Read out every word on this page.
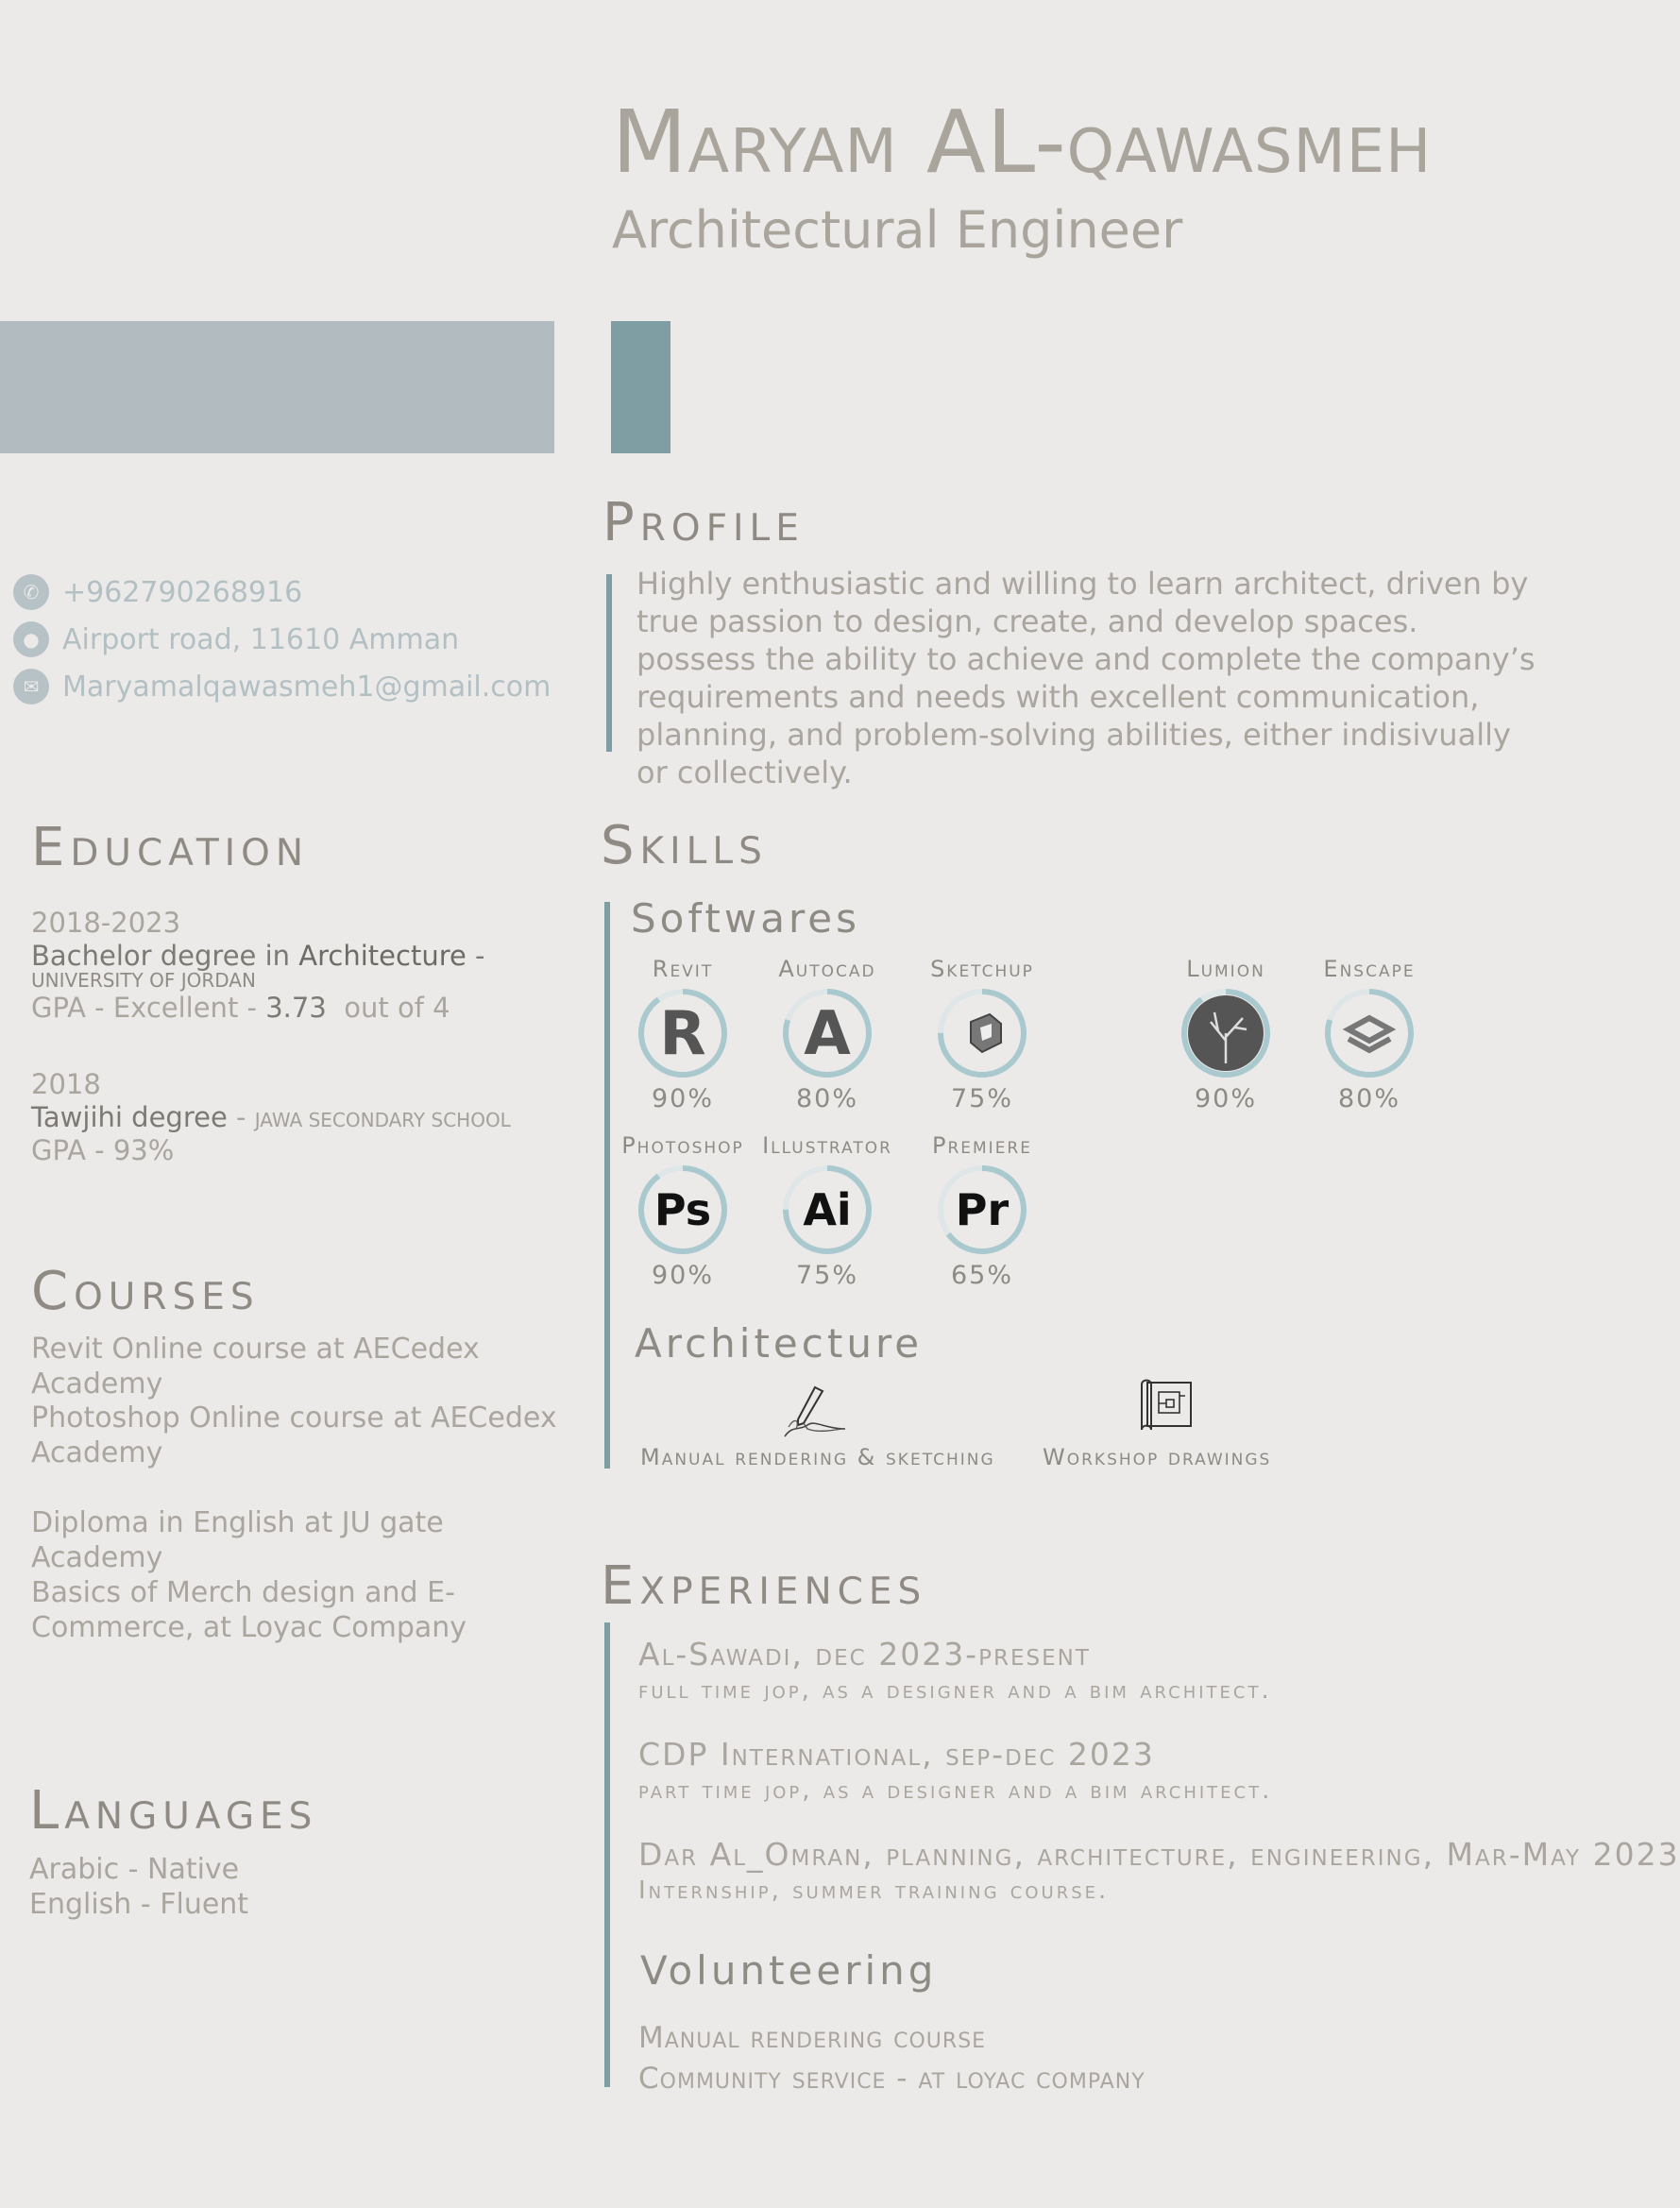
Maryam AL-qawasmeh
Architectural Engineer
✆ +962790268916
● Airport road, 11610 Amman
✉ Maryamalqawasmeh1@gmail.com
Profile

Highly enthusiastic and willing to learn architect, driven by true passion to design, create, and develop spaces.

possess the ability to achieve and complete the company’s requirements and needs with excellent communication, planning, and problem-solving abilities, either indisivually or collectively.

Education
2018-2023
Bachelor degree in Architecture -
UNIVERSITY OF JORDAN
GPA - Excellent - 3.73 out of 4
2018
Tawjihi degree - JAWA SECONDARY SCHOOL
GPA - 93%
Courses
Revit Online course at AECedex Academy
Photoshop Online course at AECedex Academy
Diploma in English at JU gate Academy
Basics of Merch design and E-Commerce, at Loyac Company
Languages
Arabic - Native
English - Fluent
Skills
Softwares
Revit
R
90%
Autocad
A
80%
Sketchup
75%
Lumion
90%
Enscape
80%
Photoshop
Ps
90%
Illustrator
Ai
75%
Premiere
Pr
65%
Architecture
Manual rendering & sketching Workshop drawings
Experiences
Al-Sawadi, dec 2023-present
full time jop, as a designer and a bim architect.
CDP International, sep-dec 2023
part time jop, as a designer and a bim architect.
Dar Al_Omran, planning, architecture, engineering, Mar-May 2023
Internship, summer training course.
Volunteering
Manual rendering course
Community service - at loyac company
